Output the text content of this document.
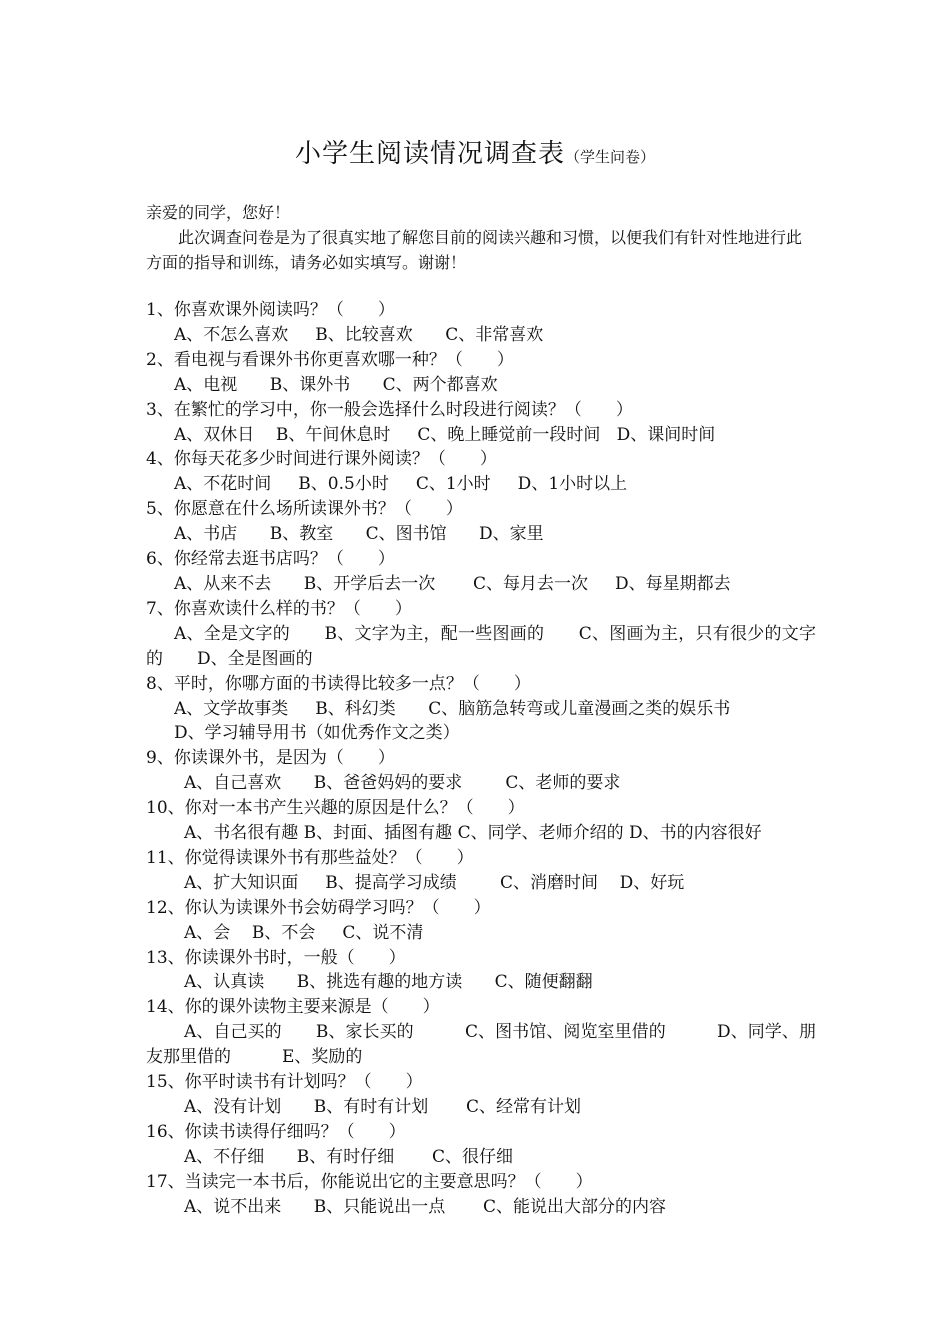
小学生阅读情况调查表（学生问卷）

亲爱的同学，您好！

此次调查问卷是为了很真实地了解您目前的阅读兴趣和习惯，以便我们有针对性地进行此方面的指导和训练，请务必如实填写。谢谢！

1、你喜欢课外阅读吗？（　　）

A、不怎么喜欢     B、比较喜欢      C、非常喜欢

2、看电视与看课外书你更喜欢哪一种？（　　）

A、电视      B、课外书      C、两个都喜欢

3、在繁忙的学习中，你一般会选择什么时段进行阅读？（　　）

A、双休日    B、午间休息时     C、晚上睡觉前一段时间   D、课间时间

4、你每天花多少时间进行课外阅读？（　　）

A、不花时间     B、0.5小时     C、1小时     D、1小时以上

5、你愿意在什么场所读课外书？（　　）

A、书店      B、教室      C、图书馆      D、家里

6、你经常去逛书店吗？（　　）

A、从来不去      B、开学后去一次       C、每月去一次     D、每星期都去

7、你喜欢读什么样的书？（　　）

A、全是文字的　　B、文字为主，配一些图画的　　C、图画为主，只有很少的文字的　　D、全是图画的

8、平时，你哪方面的书读得比较多一点？（　　）

A、文学故事类     B、科幻类      C、脑筋急转弯或儿童漫画之类的娱乐书

D、学习辅导用书（如优秀作文之类）

9、你读课外书，是因为（　　）

A、自己喜欢      B、爸爸妈妈的要求        C、老师的要求

10、你对一本书产生兴趣的原因是什么？（　　）

A、书名很有趣 B、封面、插图有趣 C、同学、老师介绍的 D、书的内容很好

11、你觉得读课外书有那些益处？（　　）

A、扩大知识面     B、提高学习成绩        C、消磨时间    D、好玩

12、你认为读课外书会妨碍学习吗？（　　）

A、会    B、不会     C、说不清

13、你读课外书时，一般（　　）

A、认真读      B、挑选有趣的地方读      C、随便翻翻

14、你的课外读物主要来源是（　　）

A、自己买的　　B、家长买的　　　C、图书馆、阅览室里借的　　　D、同学、朋友那里借的　　　E、奖励的

15、你平时读书有计划吗？（　　）

A、没有计划      B、有时有计划       C、经常有计划

16、你读书读得仔细吗？（　　）

A、不仔细      B、有时仔细       C、很仔细

17、当读完一本书后，你能说出它的主要意思吗？（　　）

A、说不出来      B、只能说出一点       C、能说出大部分的内容
